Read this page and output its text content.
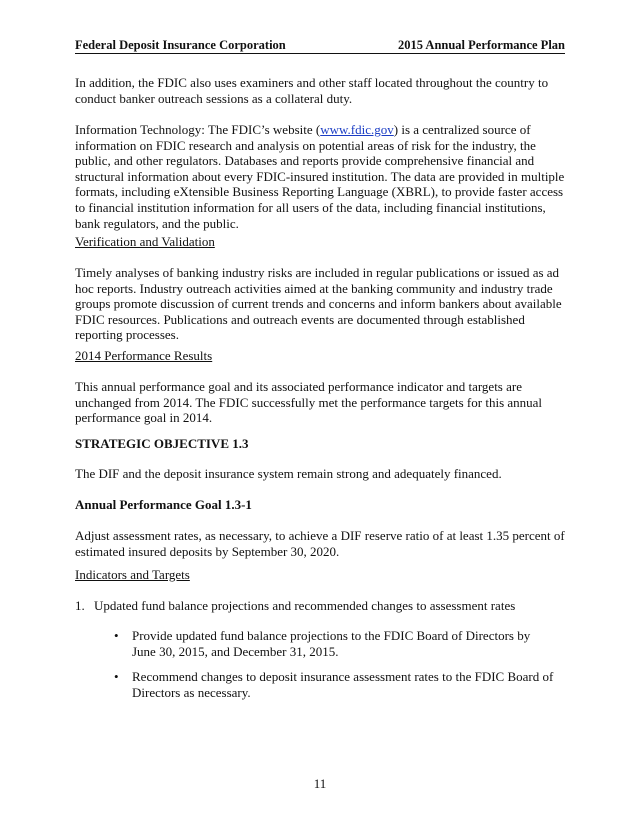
Federal Deposit Insurance Corporation	2015 Annual Performance Plan

In addition, the FDIC also uses examiners and other staff located throughout the country to conduct banker outreach sessions as a collateral duty.

Information Technology: The FDIC’s website (www.fdic.gov) is a centralized source of information on FDIC research and analysis on potential areas of risk for the industry, the public, and other regulators. Databases and reports provide comprehensive financial and structural information about every FDIC-insured institution. The data are provided in multiple formats, including eXtensible Business Reporting Language (XBRL), to provide faster access to financial institution information for all users of the data, including financial institutions, bank regulators, and the public.

Verification and Validation

Timely analyses of banking industry risks are included in regular publications or issued as ad hoc reports. Industry outreach activities aimed at the banking community and industry trade groups promote discussion of current trends and concerns and inform bankers about available FDIC resources. Publications and outreach events are documented through established reporting processes.

2014 Performance Results

This annual performance goal and its associated performance indicator and targets are unchanged from 2014. The FDIC successfully met the performance targets for this annual performance goal in 2014.

STRATEGIC OBJECTIVE 1.3

The DIF and the deposit insurance system remain strong and adequately financed.

Annual Performance Goal 1.3-1

Adjust assessment rates, as necessary, to achieve a DIF reserve ratio of at least 1.35 percent of estimated insured deposits by September 30, 2020.

Indicators and Targets

1. Updated fund balance projections and recommended changes to assessment rates
• Provide updated fund balance projections to the FDIC Board of Directors by June 30, 2015, and December 31, 2015.
• Recommend changes to deposit insurance assessment rates to the FDIC Board of Directors as necessary.
11
